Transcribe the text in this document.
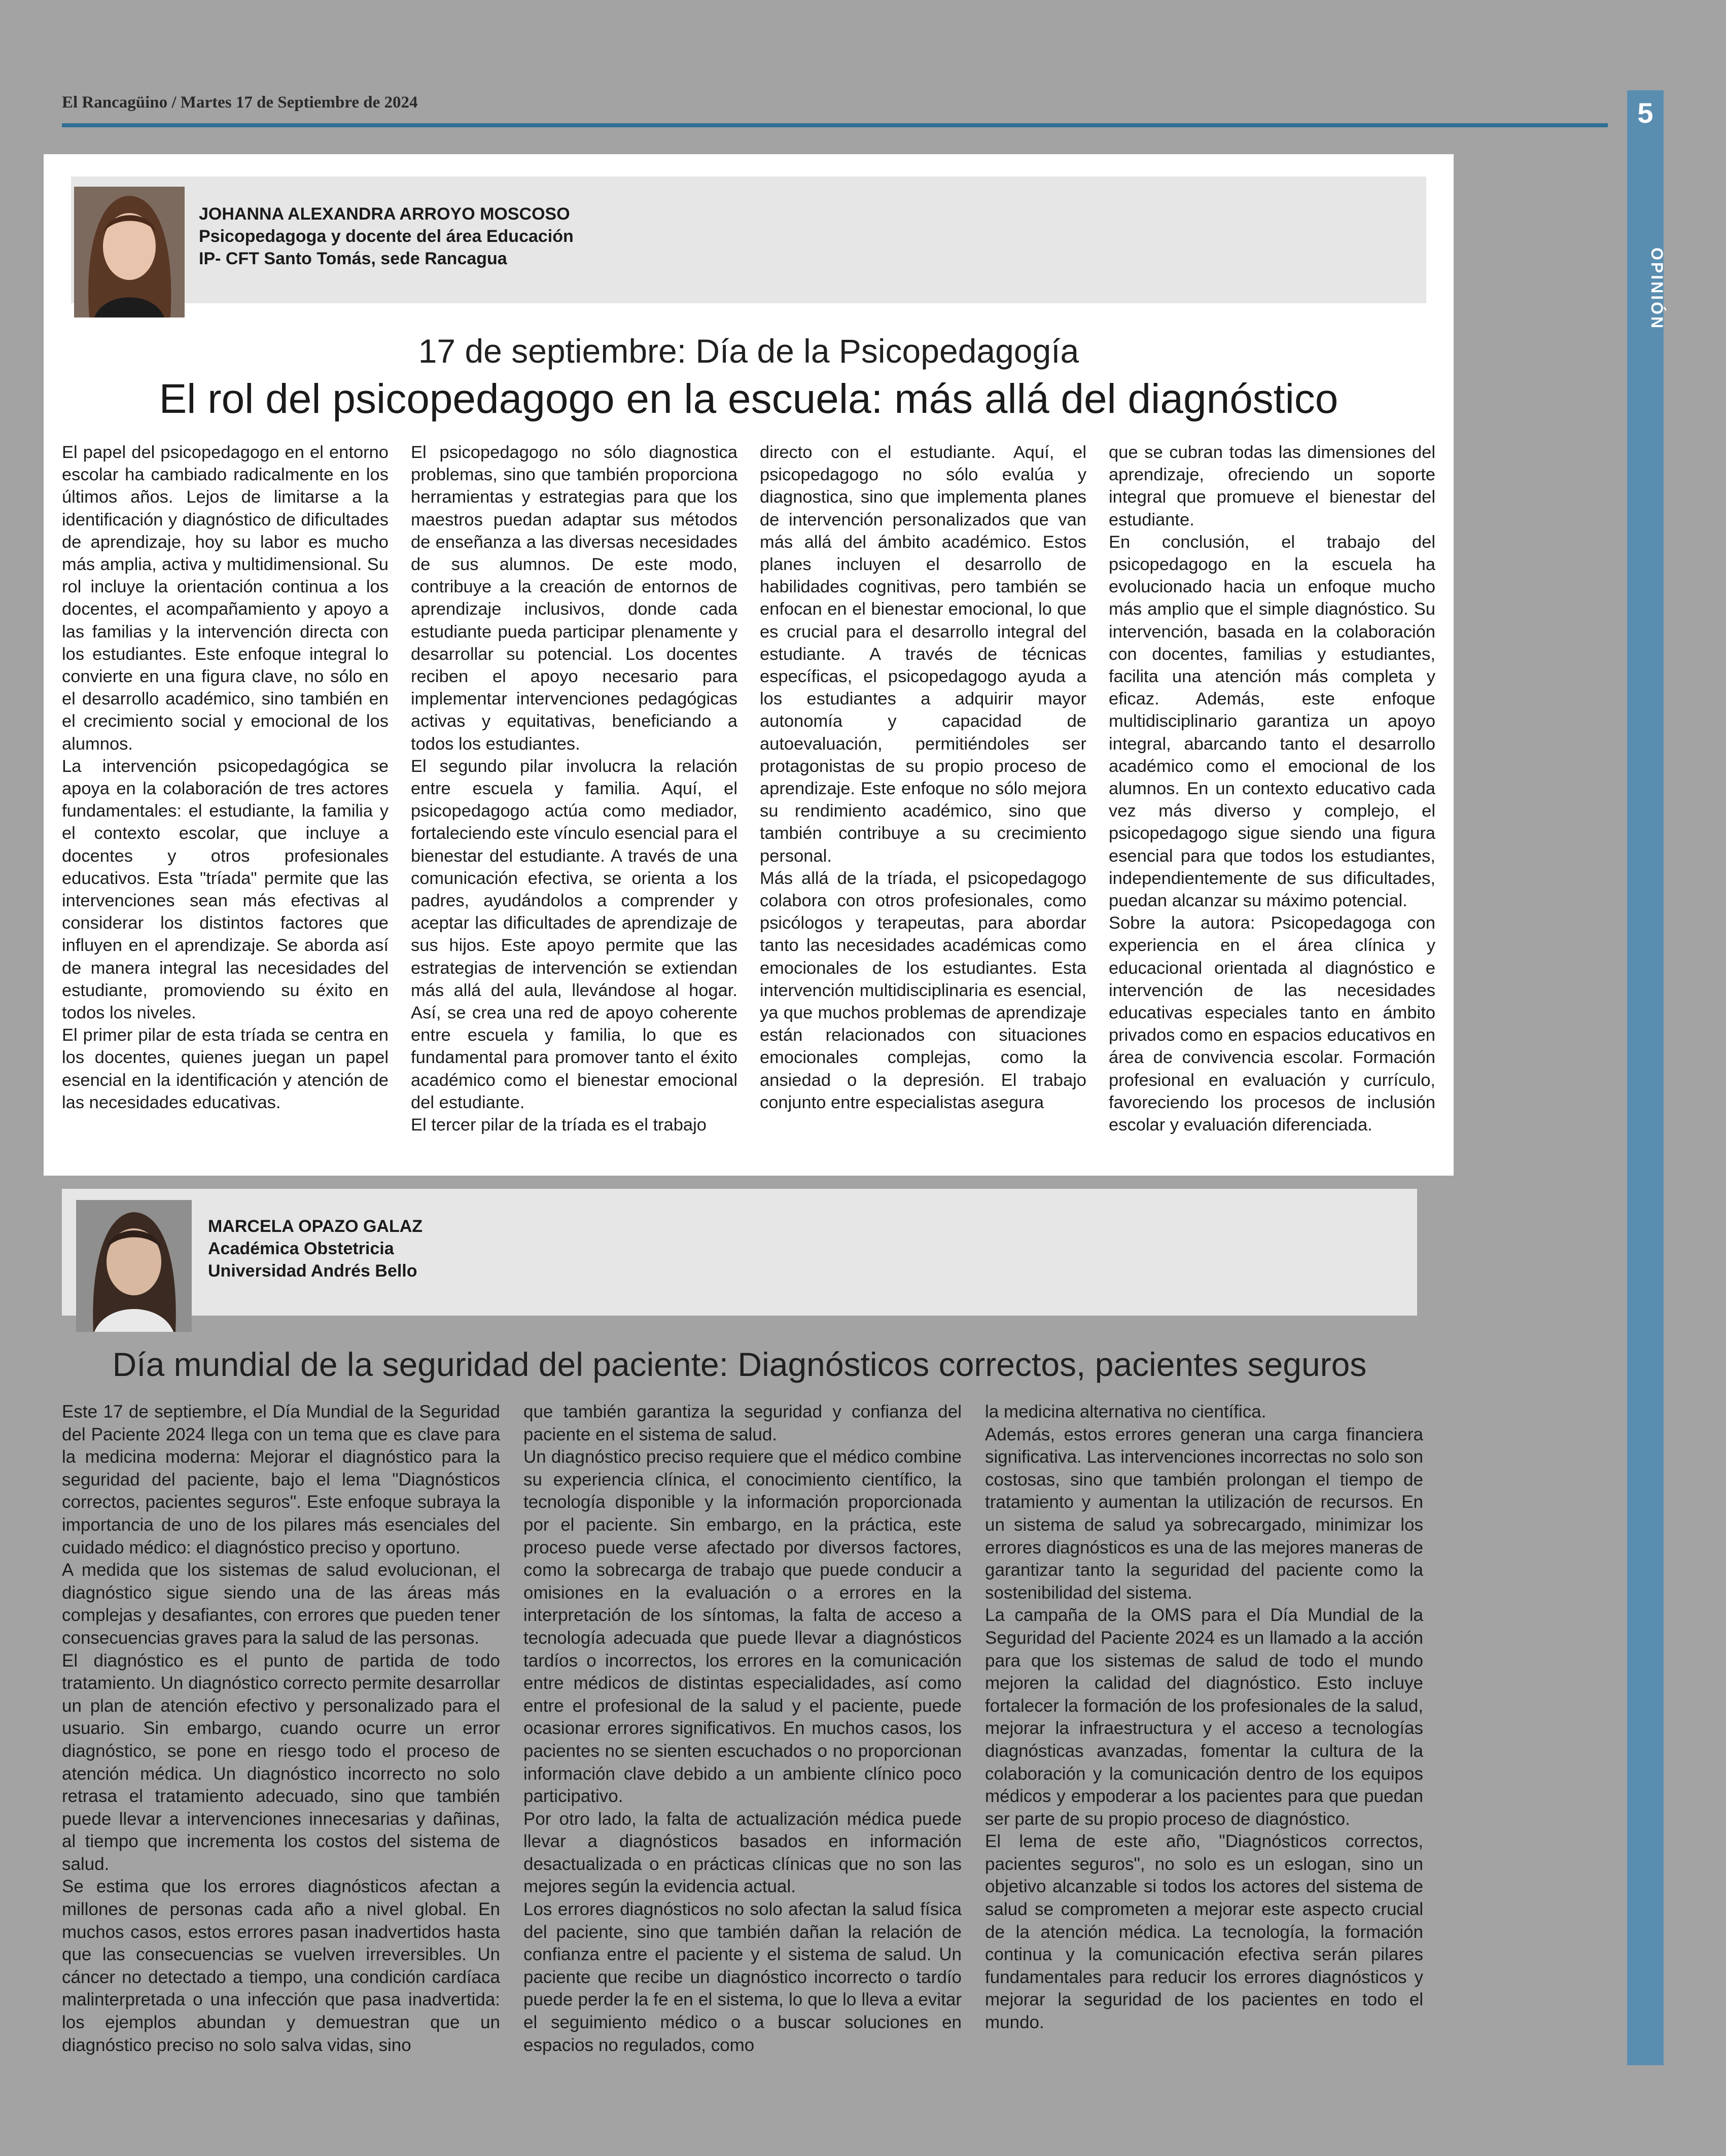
El Rancagüino / Martes 17 de Septiembre de 2024	5
OPINIÓN
JOHANNA ALEXANDRA ARROYO MOSCOSO
Psicopedagoga y docente del área Educación
IP- CFT Santo Tomás, sede Rancagua
17 de septiembre: Día de la Psicopedagogía
El rol del psicopedagogo en la escuela: más allá del diagnóstico

El papel del psicopedagogo en el entorno escolar ha cambiado radicalmente en los últimos años. Lejos de limitarse a la identificación y diagnóstico de dificultades de aprendizaje, hoy su labor es mucho más amplia, activa y multidimensional. Su rol incluye la orientación continua a los docentes, el acompañamiento y apoyo a las familias y la intervención directa con los estudiantes. Este enfoque integral lo convierte en una figura clave, no sólo en el desarrollo académico, sino también en el crecimiento social y emocional de los alumnos.

La intervención psicopedagógica se apoya en la colaboración de tres actores fundamentales: el estudiante, la familia y el contexto escolar, que incluye a docentes y otros profesionales educativos. Esta "tríada" permite que las intervenciones sean más efectivas al considerar los distintos factores que influyen en el aprendizaje. Se aborda así de manera integral las necesidades del estudiante, promoviendo su éxito en todos los niveles.

El primer pilar de esta tríada se centra en los docentes, quienes juegan un papel esencial en la identificación y atención de las necesidades educativas.

El psicopedagogo no sólo diagnostica problemas, sino que también proporciona herramientas y estrategias para que los maestros puedan adaptar sus métodos de enseñanza a las diversas necesidades de sus alumnos. De este modo, contribuye a la creación de entornos de aprendizaje inclusivos, donde cada estudiante pueda participar plenamente y desarrollar su potencial. Los docentes reciben el apoyo necesario para implementar intervenciones pedagógicas activas y equitativas, beneficiando a todos los estudiantes.

El segundo pilar involucra la relación entre escuela y familia. Aquí, el psicopedagogo actúa como mediador, fortaleciendo este vínculo esencial para el bienestar del estudiante. A través de una comunicación efectiva, se orienta a los padres, ayudándolos a comprender y aceptar las dificultades de aprendizaje de sus hijos. Este apoyo permite que las estrategias de intervención se extiendan más allá del aula, llevándose al hogar. Así, se crea una red de apoyo coherente entre escuela y familia, lo que es fundamental para promover tanto el éxito académico como el bienestar emocional del estudiante.

El tercer pilar de la tríada es el trabajo

directo con el estudiante. Aquí, el psicopedagogo no sólo evalúa y diagnostica, sino que implementa planes de intervención personalizados que van más allá del ámbito académico. Estos planes incluyen el desarrollo de habilidades cognitivas, pero también se enfocan en el bienestar emocional, lo que es crucial para el desarrollo integral del estudiante. A través de técnicas específicas, el psicopedagogo ayuda a los estudiantes a adquirir mayor autonomía y capacidad de autoevaluación, permitiéndoles ser protagonistas de su propio proceso de aprendizaje. Este enfoque no sólo mejora su rendimiento académico, sino que también contribuye a su crecimiento personal.

Más allá de la tríada, el psicopedagogo colabora con otros profesionales, como psicólogos y terapeutas, para abordar tanto las necesidades académicas como emocionales de los estudiantes. Esta intervención multidisciplinaria es esencial, ya que muchos problemas de aprendizaje están relacionados con situaciones emocionales complejas, como la ansiedad o la depresión. El trabajo conjunto entre especialistas asegura

que se cubran todas las dimensiones del aprendizaje, ofreciendo un soporte integral que promueve el bienestar del estudiante.

En conclusión, el trabajo del psicopedagogo en la escuela ha evolucionado hacia un enfoque mucho más amplio que el simple diagnóstico. Su intervención, basada en la colaboración con docentes, familias y estudiantes, facilita una atención más completa y eficaz. Además, este enfoque multidisciplinario garantiza un apoyo integral, abarcando tanto el desarrollo académico como el emocional de los alumnos. En un contexto educativo cada vez más diverso y complejo, el psicopedagogo sigue siendo una figura esencial para que todos los estudiantes, independientemente de sus dificultades, puedan alcanzar su máximo potencial.

Sobre la autora: Psicopedagoga con experiencia en el área clínica y educacional orientada al diagnóstico e intervención de las necesidades educativas especiales tanto en ámbito privados como en espacios educativos en área de convivencia escolar. Formación profesional en evaluación y currículo, favoreciendo los procesos de inclusión escolar y evaluación diferenciada.

MARCELA OPAZO GALAZ
Académica Obstetricia
Universidad Andrés Bello
Día mundial de la seguridad del paciente: Diagnósticos correctos, pacientes seguros

Este 17 de septiembre, el Día Mundial de la Seguridad del Paciente 2024 llega con un tema que es clave para la medicina moderna: Mejorar el diagnóstico para la seguridad del paciente, bajo el lema "Diagnósticos correctos, pacientes seguros". Este enfoque subraya la importancia de uno de los pilares más esenciales del cuidado médico: el diagnóstico preciso y oportuno.

A medida que los sistemas de salud evolucionan, el diagnóstico sigue siendo una de las áreas más complejas y desafiantes, con errores que pueden tener consecuencias graves para la salud de las personas.

El diagnóstico es el punto de partida de todo tratamiento. Un diagnóstico correcto permite desarrollar un plan de atención efectivo y personalizado para el usuario. Sin embargo, cuando ocurre un error diagnóstico, se pone en riesgo todo el proceso de atención médica. Un diagnóstico incorrecto no solo retrasa el tratamiento adecuado, sino que también puede llevar a intervenciones innecesarias y dañinas, al tiempo que incrementa los costos del sistema de salud.

Se estima que los errores diagnósticos afectan a millones de personas cada año a nivel global. En muchos casos, estos errores pasan inadvertidos hasta que las consecuencias se vuelven irreversibles. Un cáncer no detectado a tiempo, una condición cardíaca malinterpretada o una infección que pasa inadvertida: los ejemplos abundan y demuestran que un diagnóstico preciso no solo salva vidas, sino

que también garantiza la seguridad y confianza del paciente en el sistema de salud.

Un diagnóstico preciso requiere que el médico combine su experiencia clínica, el conocimiento científico, la tecnología disponible y la información proporcionada por el paciente. Sin embargo, en la práctica, este proceso puede verse afectado por diversos factores, como la sobrecarga de trabajo que puede conducir a omisiones en la evaluación o a errores en la interpretación de los síntomas, la falta de acceso a tecnología adecuada que puede llevar a diagnósticos tardíos o incorrectos, los errores en la comunicación entre médicos de distintas especialidades, así como entre el profesional de la salud y el paciente, puede ocasionar errores significativos. En muchos casos, los pacientes no se sienten escuchados o no proporcionan información clave debido a un ambiente clínico poco participativo.

Por otro lado, la falta de actualización médica puede llevar a diagnósticos basados en información desactualizada o en prácticas clínicas que no son las mejores según la evidencia actual.

Los errores diagnósticos no solo afectan la salud física del paciente, sino que también dañan la relación de confianza entre el paciente y el sistema de salud. Un paciente que recibe un diagnóstico incorrecto o tardío puede perder la fe en el sistema, lo que lo lleva a evitar el seguimiento médico o a buscar soluciones en espacios no regulados, como

la medicina alternativa no científica.

Además, estos errores generan una carga financiera significativa. Las intervenciones incorrectas no solo son costosas, sino que también prolongan el tiempo de tratamiento y aumentan la utilización de recursos. En un sistema de salud ya sobrecargado, minimizar los errores diagnósticos es una de las mejores maneras de garantizar tanto la seguridad del paciente como la sostenibilidad del sistema.

La campaña de la OMS para el Día Mundial de la Seguridad del Paciente 2024 es un llamado a la acción para que los sistemas de salud de todo el mundo mejoren la calidad del diagnóstico. Esto incluye fortalecer la formación de los profesionales de la salud, mejorar la infraestructura y el acceso a tecnologías diagnósticas avanzadas, fomentar la cultura de la colaboración y la comunicación dentro de los equipos médicos y empoderar a los pacientes para que puedan ser parte de su propio proceso de diagnóstico.

El lema de este año, "Diagnósticos correctos, pacientes seguros", no solo es un eslogan, sino un objetivo alcanzable si todos los actores del sistema de salud se comprometen a mejorar este aspecto crucial de la atención médica. La tecnología, la formación continua y la comunicación efectiva serán pilares fundamentales para reducir los errores diagnósticos y mejorar la seguridad de los pacientes en todo el mundo.
